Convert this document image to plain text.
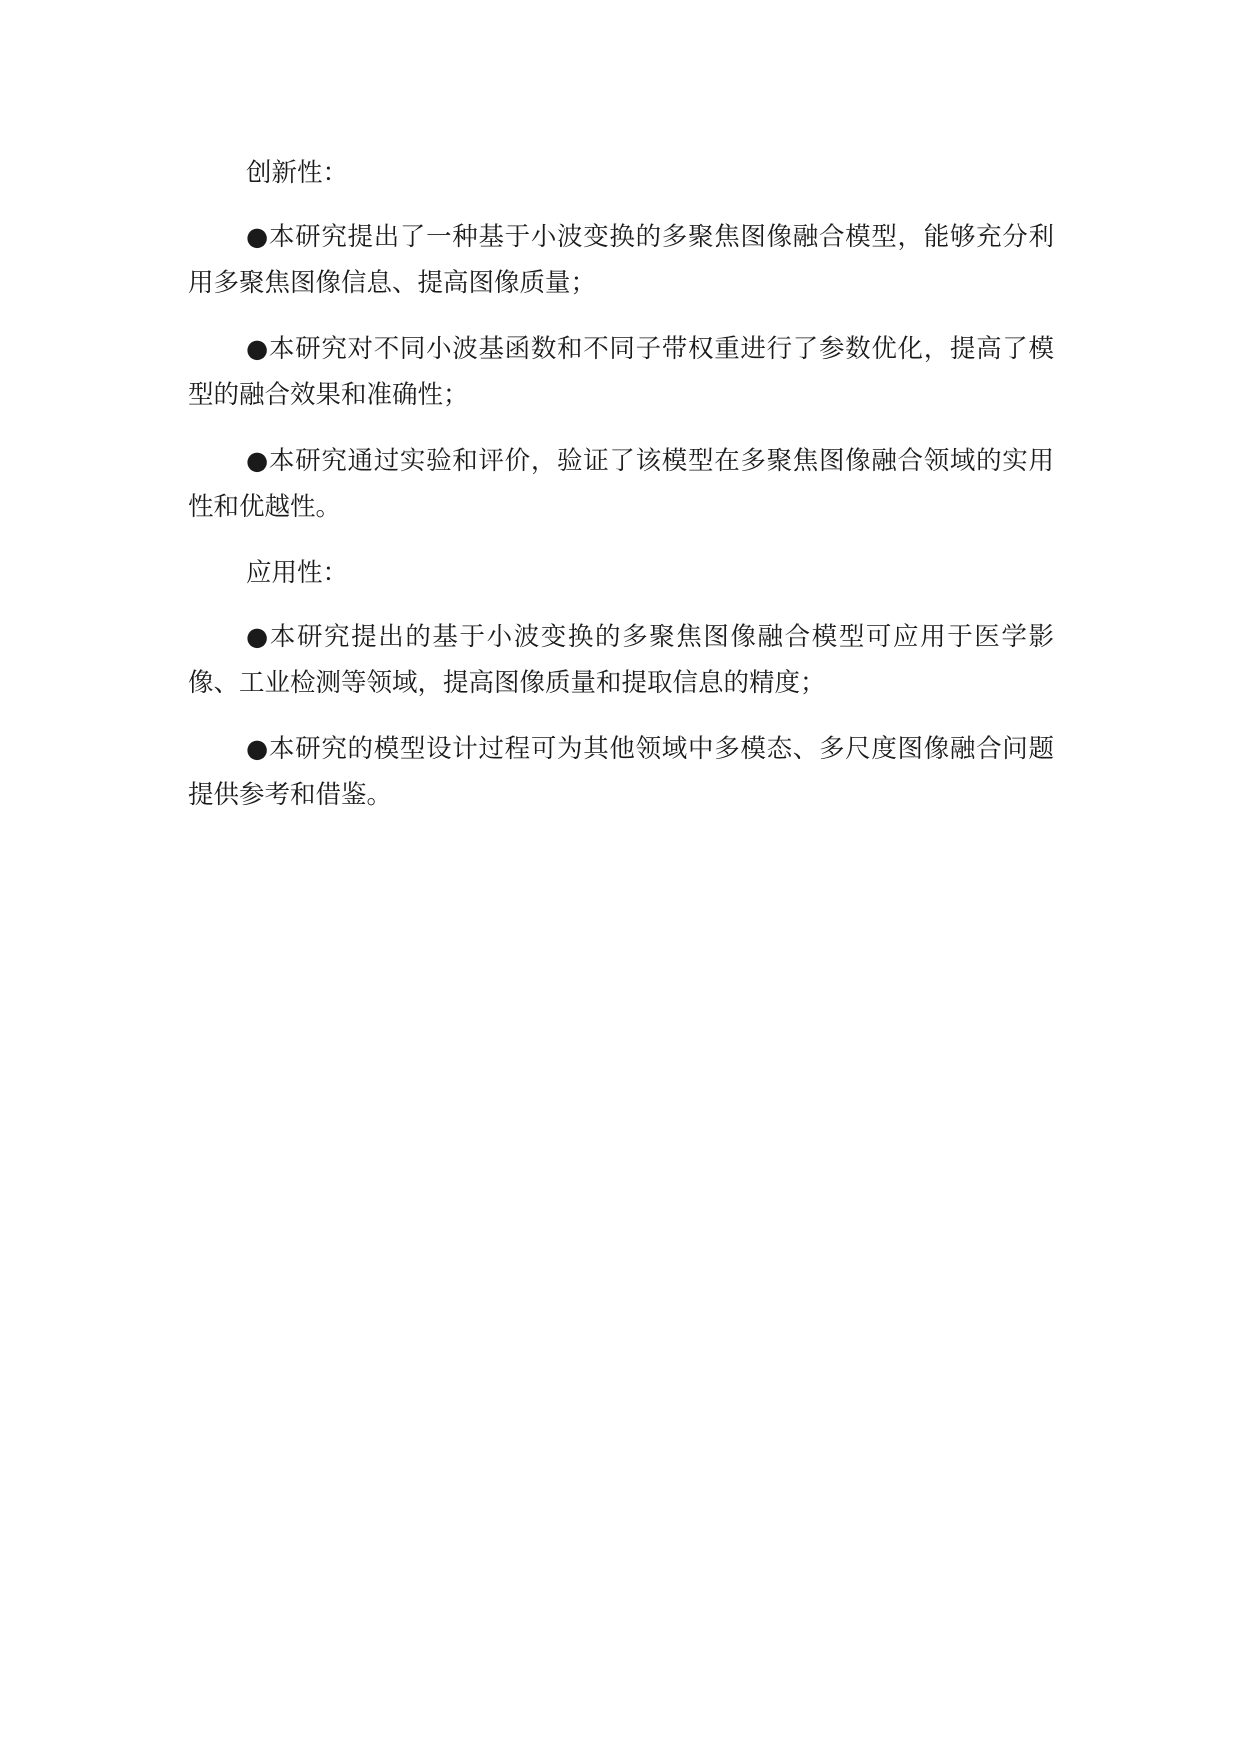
创新性：

●本研究提出了一种基于小波变换的多聚焦图像融合模型，能够充分利用多聚焦图像信息、提高图像质量；

●本研究对不同小波基函数和不同子带权重进行了参数优化，提高了模型的融合效果和准确性；

●本研究通过实验和评价，验证了该模型在多聚焦图像融合领域的实用性和优越性。

应用性：

●本研究提出的基于小波变换的多聚焦图像融合模型可应用于医学影像、工业检测等领域，提高图像质量和提取信息的精度；

●本研究的模型设计过程可为其他领域中多模态、多尺度图像融合问题提供参考和借鉴。
